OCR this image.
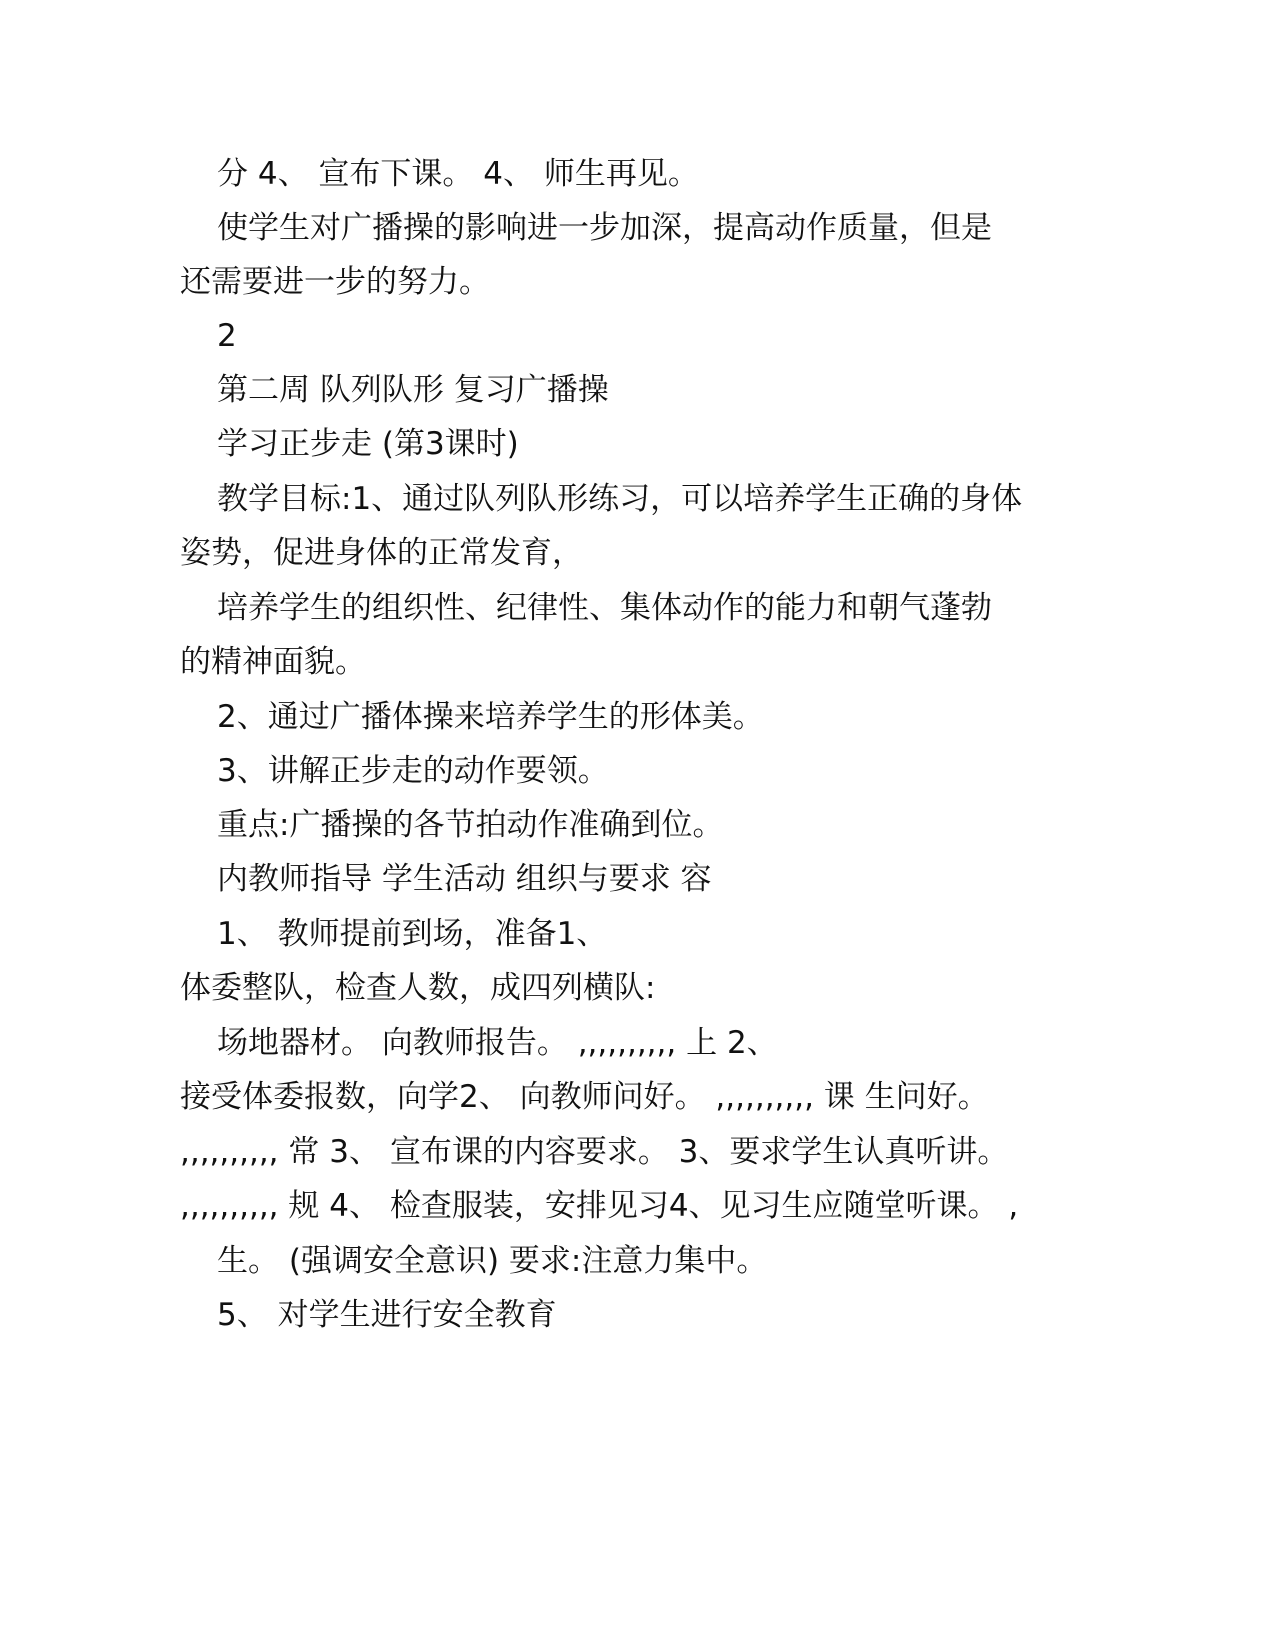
分 4、 宣布下课。 4、 师生再见。
使学生对广播操的影响进一步加深，提高动作质量，但是
还需要进一步的努力。
2
第二周 队列队形 复习广播操
学习正步走 (第3课时)
教学目标:1、通过队列队形练习，可以培养学生正确的身体
姿势，促进身体的正常发育，
培养学生的组织性、纪律性、集体动作的能力和朝气蓬勃
的精神面貌。
2、通过广播体操来培养学生的形体美。
3、讲解正步走的动作要领。
重点:广播操的各节拍动作准确到位。
内教师指导 学生活动 组织与要求 容
1、 教师提前到场，准备1、
体委整队，检查人数，成四列横队:
场地器材。 向教师报告。 ,,,,,,,,,, 上 2、
接受体委报数，向学2、 向教师问好。 ,,,,,,,,,, 课 生问好。
,,,,,,,,,, 常 3、 宣布课的内容要求。 3、要求学生认真听讲。
,,,,,,,,,, 规 4、 检查服装，安排见习4、见习生应随堂听课。 ,
生。 (强调安全意识) 要求:注意力集中。
5、 对学生进行安全教育
